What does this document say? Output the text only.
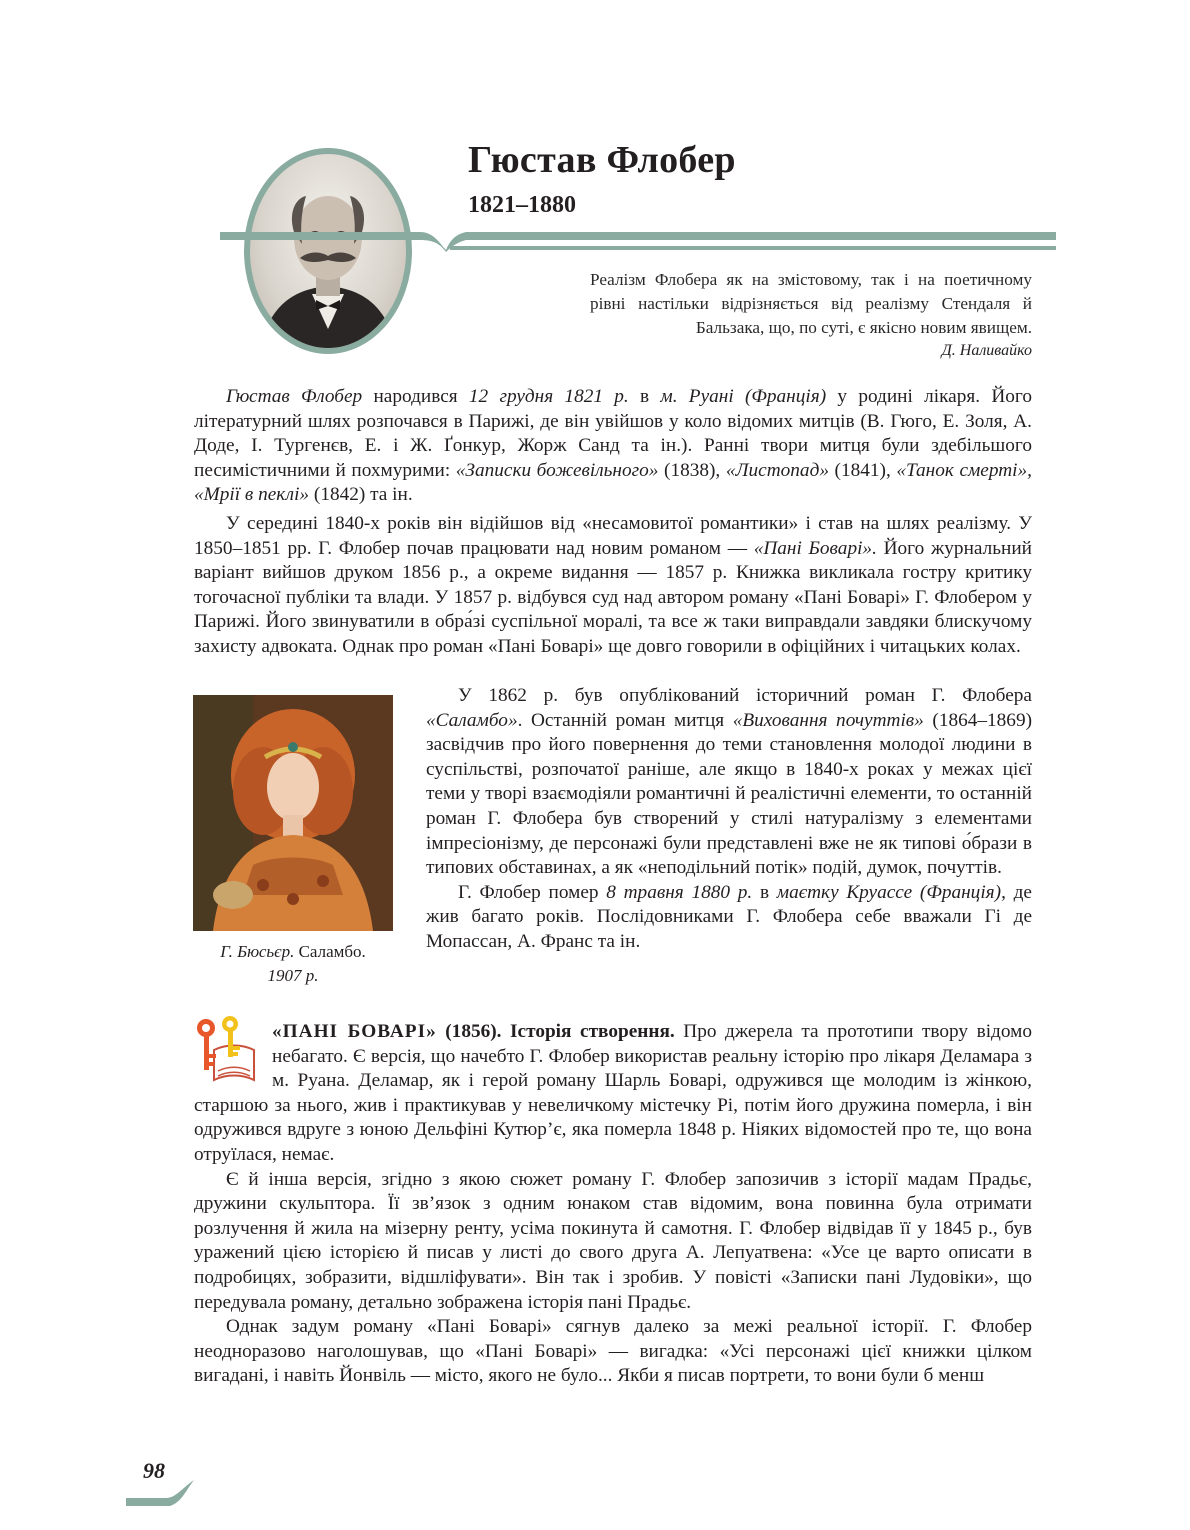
Гюстав Флобер
1821–1880
Реалізм Флобера як на змістовому, так і на поетичному рівні настільки відрізняється від реалізму Стендаля й Бальзака, що, по суті, є якісно новим явищем.
Д. Наливайко

Гюстав Флобер народився 12 грудня 1821 р. в м. Руані (Франція) у родині лікаря. Його літературний шлях розпочався в Парижі, де він увійшов у коло відомих митців (В. Гюго, Е. Золя, А. Доде, І. Тургенєв, Е. і Ж. Ґонкур, Жорж Санд та ін.). Ранні твори митця були здебільшого песимістичними й похмурими: «Записки божевільного» (1838), «Листопад» (1841), «Танок смерті», «Мрії в пеклі» (1842) та ін.

У середині 1840-х років він відійшов від «несамовитої романтики» і став на шлях реалізму. У 1850–1851 рр. Г. Флобер почав працювати над новим романом — «Пані Боварі». Його журнальний варіант вийшов друком 1856 р., а окреме видання — 1857 р. Книжка викликала гостру критику тогочасної публіки та влади. У 1857 р. відбувся суд над автором роману «Пані Боварі» Г. Флобером у Парижі. Його звинуватили в обра́зі суспільної моралі, та все ж таки виправдали завдяки блискучому захисту адвоката. Однак про роман «Пані Боварі» ще довго говорили в офіційних і читацьких колах.

Г. Бюсьєр. Саламбо.
1907 р.

У 1862 р. був опублікований історичний роман Г. Флобера «Саламбо». Останній роман митця «Виховання почуттів» (1864–1869) засвідчив про його повернення до теми становлення молодої людини в суспільстві, розпочатої раніше, але якщо в 1840-х роках у межах цієї теми у творі взаємодіяли романтичні й реалістичні елементи, то останній роман Г. Флобера був створений у стилі натуралізму з елементами імпресіонізму, де персонажі були представлені вже не як типові о́брази в типових обставинах, а як «неподільний потік» подій, думок, почуттів.

Г. Флобер помер 8 травня 1880 р. в маєтку Круассе (Франція), де жив багато років. Послідовниками Г. Флобера себе вважали Гі де Мопассан, А. Франс та ін.

«ПАНІ БОВАРІ» (1856). Історія створення. Про джерела та прототипи твору відомо небагато. Є версія, що начебто Г. Флобер використав реальну історію про лікаря Деламара з м. Руана. Деламар, як і герой роману Шарль Боварі, одружився ще молодим із жінкою, старшою за нього, жив і практикував у невеличкому містечку Рі, потім його дружина померла, і він одружився вдруге з юною Дельфіні Кутюр’є, яка померла 1848 р. Ніяких відомостей про те, що вона отруїлася, немає.

Є й інша версія, згідно з якою сюжет роману Г. Флобер запозичив з історії мадам Прадьє, дружини скульптора. Її зв’язок з одним юнаком став відомим, вона повинна була отримати розлучення й жила на мізерну ренту, усіма покинута й самотня. Г. Флобер відвідав її у 1845 р., був уражений цією історією й писав у листі до свого друга А. Лепуатвена: «Усе це варто описати в подробицях, зобразити, відшліфувати». Він так і зробив. У повісті «Записки пані Лудовіки», що передувала роману, детально зображена історія пані Прадьє.

Однак задум роману «Пані Боварі» сягнув далеко за межі реальної історії. Г. Флобер неодноразово наголошував, що «Пані Боварі» — вигадка: «Усі персонажі цієї книжки цілком вигадані, і навіть Йонвіль — місто, якого не було... Якби я писав портрети, то вони були б менш

98
